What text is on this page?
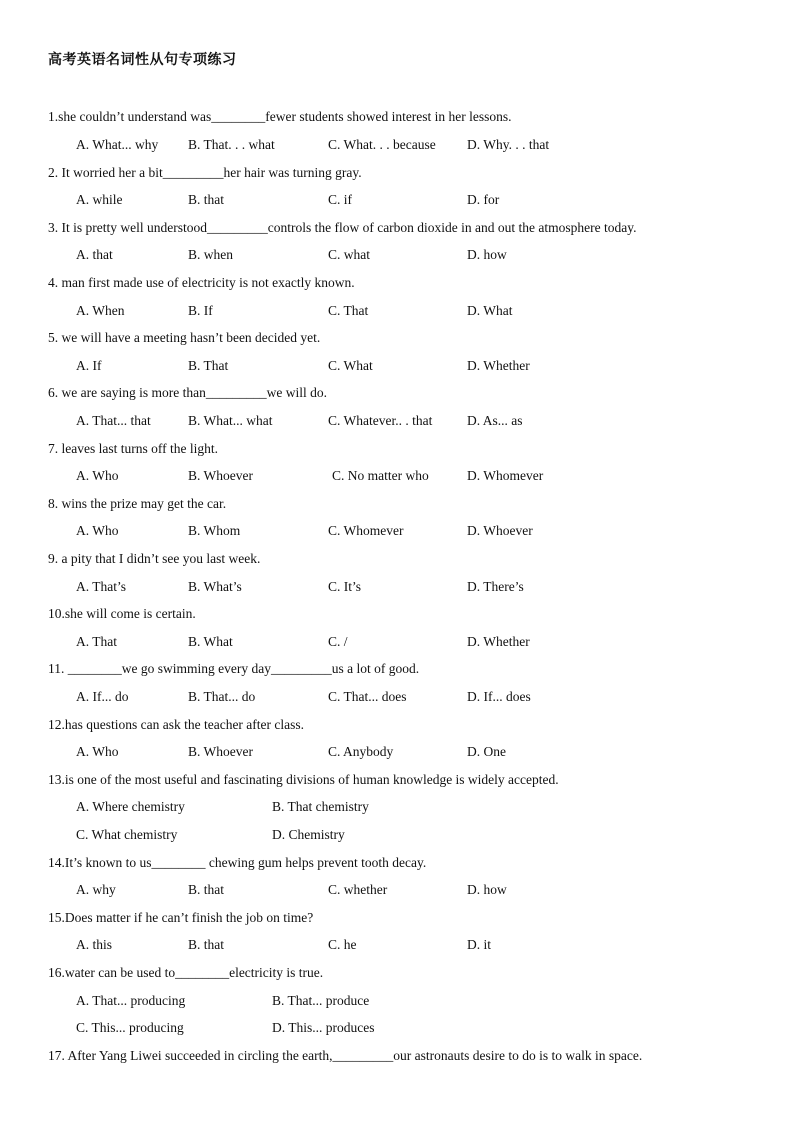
高考英语名词性从句专项练习
1.she couldn’t understand was________fewer students showed interest in her lessons.
A. What... why B. That. . . what	C. What. . . because D. Why. . . that
2. It worried her a bit_________her hair was turning gray.
A. while	B. that	C. if	D. for
3. It is pretty well understood_________controls the flow of carbon dioxide in and out the atmosphere today.
A. that	B. when	C. what	D. how
4. man first made use of electricity is not exactly known.
A. When	B. If	C. That	D. What
5. we will have a meeting hasn’t been decided yet.
A. If	B. That	C. What	D. Whether
6. we are saying is more than_________we will do.
A. That... that	B. What... what	C. Whatever.. . that	D. As... as
7. leaves last turns off the light.
A. Who	B. Whoever	C. No matter who	D. Whomever
8. wins the prize may get the car.
A. Who	B. Whom	C. Whomever	D. Whoever
9. a pity that I didn’t see you last week.
A. That’s	B. What’s	C. It’s	D. There’s
10.she will come is certain.
A. That	B. What	C. /	D. Whether
11. ________we go swimming every day_________us a lot of good.
A. If... do	B. That... do	C. That... does	D. If... does
12.has questions can ask the teacher after class.
A. Who	B. Whoever	C. Anybody	D. One
13.is one of the most useful and fascinating divisions of human knowledge is widely accepted.
A. Where chemistry	B. That chemistry
C. What chemistry	D. Chemistry
14.It’s known to us________ chewing gum helps prevent tooth decay.
A. why	B. that	C. whether	D. how
15.Does matter if he can’t finish the job on time?
A. this	B. that	C. he	D. it
16.water can be used to________electricity is true.
A. That... producing	B. That... produce
C. This... producing	D. This... produces
17. After Yang Liwei succeeded in circling the earth,_________our astronauts desire to do is to walk in space.
